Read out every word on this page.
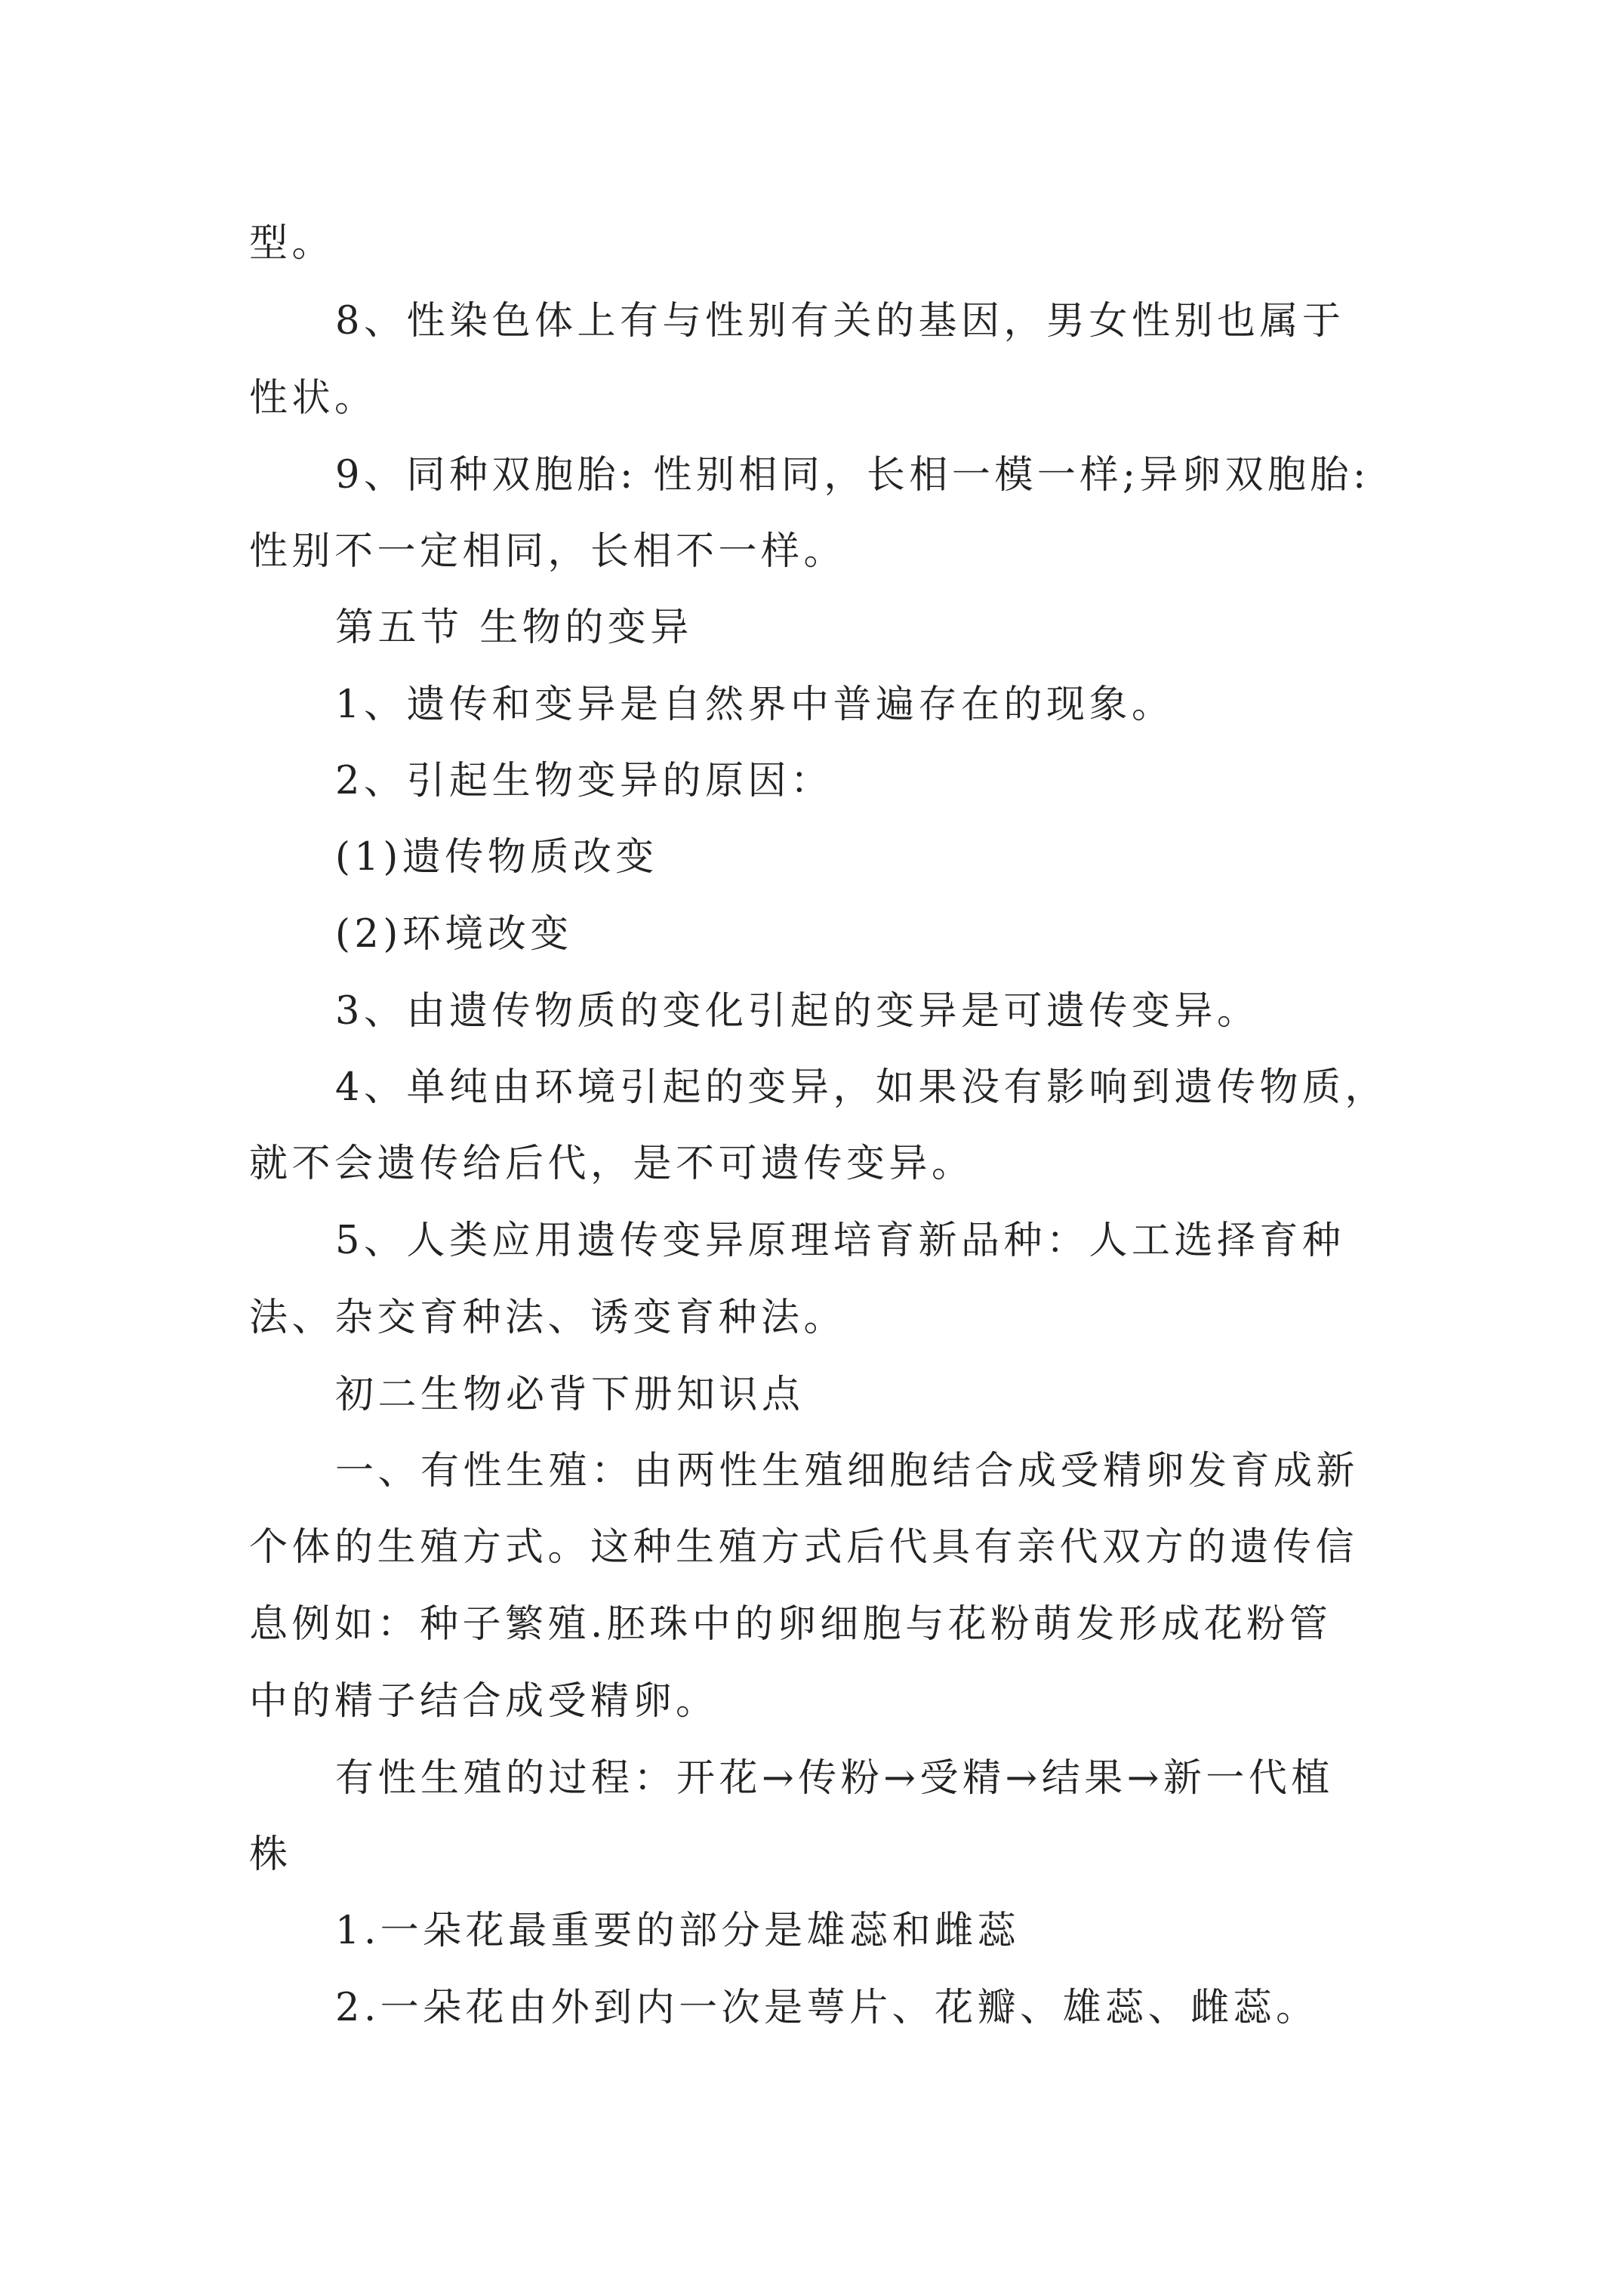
型。
8、性染色体上有与性别有关的基因，男女性别也属于
性状。
9、同种双胞胎: 性别相同，长相一模一样;异卵双胞胎:
性别不一定相同，长相不一样。
第五节 生物的变异
1、遗传和变异是自然界中普遍存在的现象。
2、引起生物变异的原因：
(1)遗传物质改变
(2)环境改变
3、由遗传物质的变化引起的变异是可遗传变异。
4、单纯由环境引起的变异，如果没有影响到遗传物质，
就不会遗传给后代，是不可遗传变异。
5、人类应用遗传变异原理培育新品种：人工选择育种
法、杂交育种法、诱变育种法。
初二生物必背下册知识点
一、有性生殖：由两性生殖细胞结合成受精卵发育成新
个体的生殖方式。这种生殖方式后代具有亲代双方的遗传信
息例如：种子繁殖.胚珠中的卵细胞与花粉萌发形成花粉管
中的精子结合成受精卵。
有性生殖的过程：开花→传粉→受精→结果→新一代植
株
1.一朵花最重要的部分是雄蕊和雌蕊
2.一朵花由外到内一次是萼片、花瓣、雄蕊、雌蕊。
